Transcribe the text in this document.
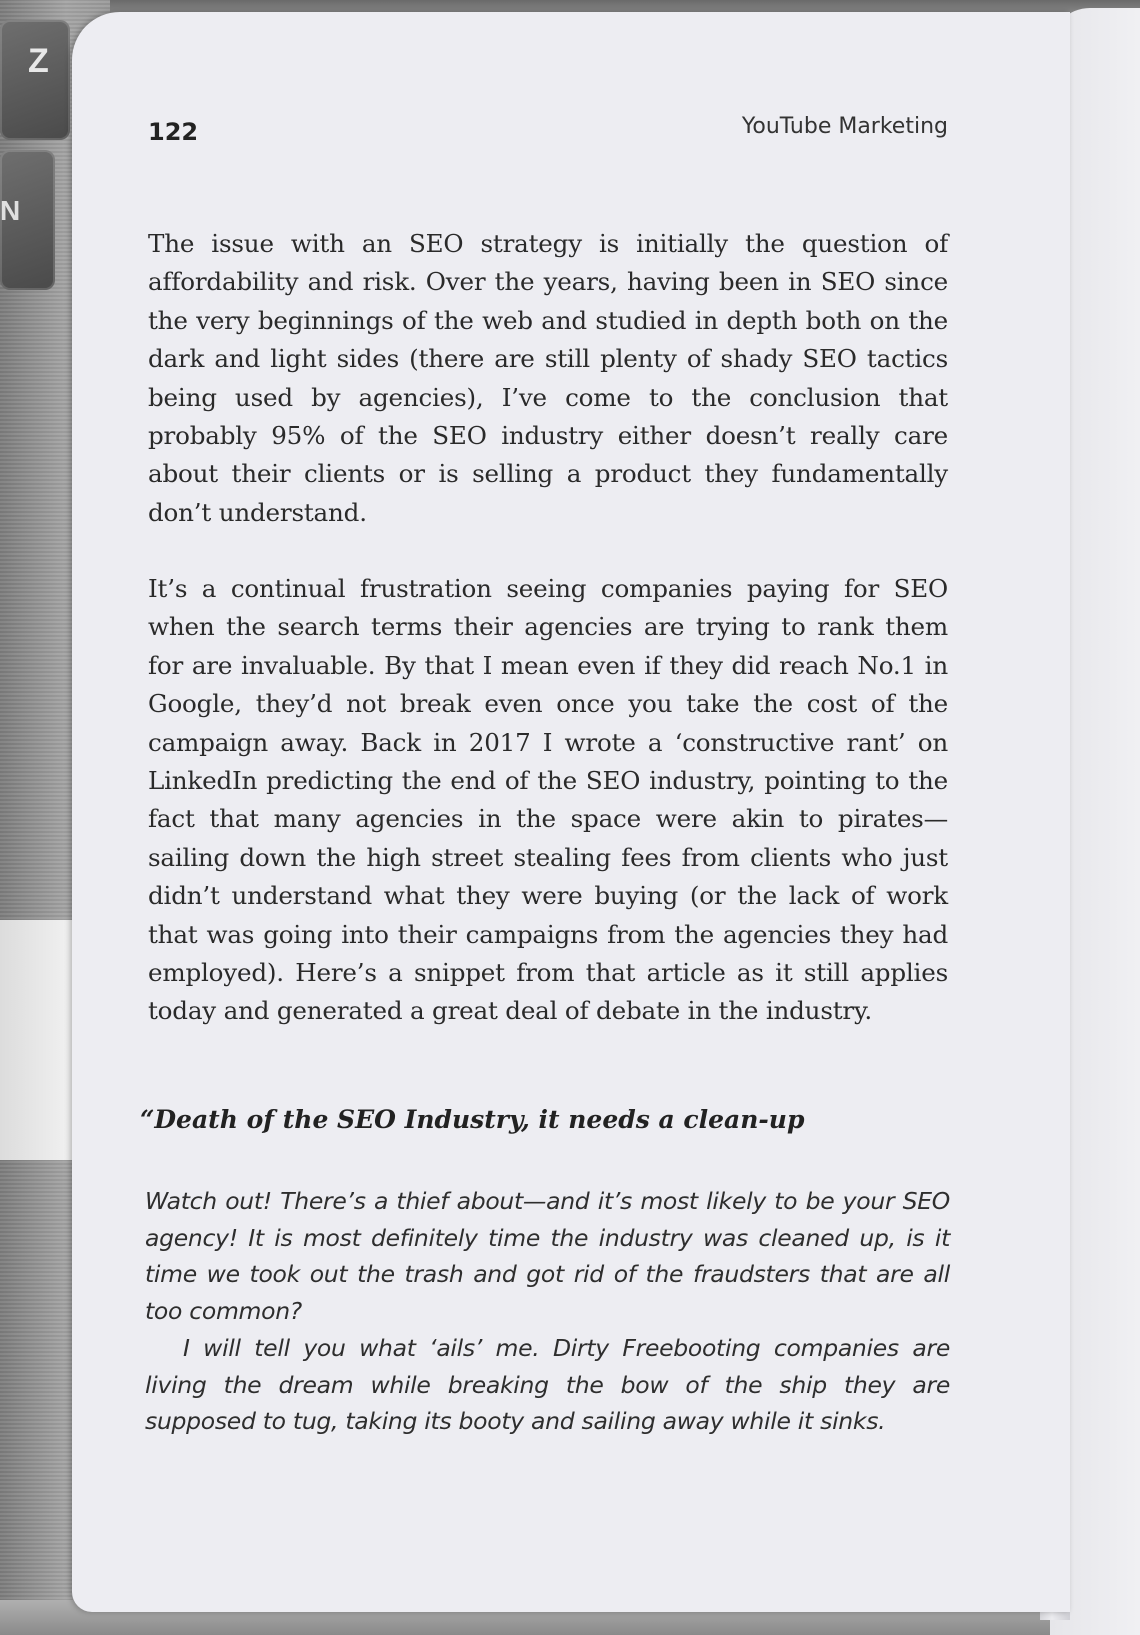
Z
N
122	YouTube Marketing

The issue with an SEO strategy is initially the question of affordability and risk. Over the years, having been in SEO since the very beginnings of the web and studied in depth both on the dark and light sides (there are still plenty of shady SEO tactics being used by agencies), I’ve come to the conclusion that probably 95% of the SEO industry either doesn’t really care about their clients or is selling a product they fundamentally don’t understand.

It’s a continual frustration seeing companies paying for SEO when the search terms their agencies are trying to rank them for are invaluable. By that I mean even if they did reach No.1 in Google, they’d not break even once you take the cost of the campaign away. Back in 2017 I wrote a ‘constructive rant’ on LinkedIn predicting the end of the SEO industry, pointing to the fact that many agencies in the space were akin to pirates—sailing down the high street stealing fees from clients who just didn’t understand what they were buying (or the lack of work that was going into their campaigns from the agencies they had employed). Here’s a snippet from that article as it still applies today and generated a great deal of debate in the industry.

“Death of the SEO Industry, it needs a clean-up

Watch out! There’s a thief about—and it’s most likely to be your SEO agency! It is most definitely time the industry was cleaned up, is it time we took out the trash and got rid of the fraudsters that are all too common?

I will tell you what ‘ails’ me. Dirty Freebooting companies are living the dream while breaking the bow of the ship they are supposed to tug, taking its booty and sailing away while it sinks.
